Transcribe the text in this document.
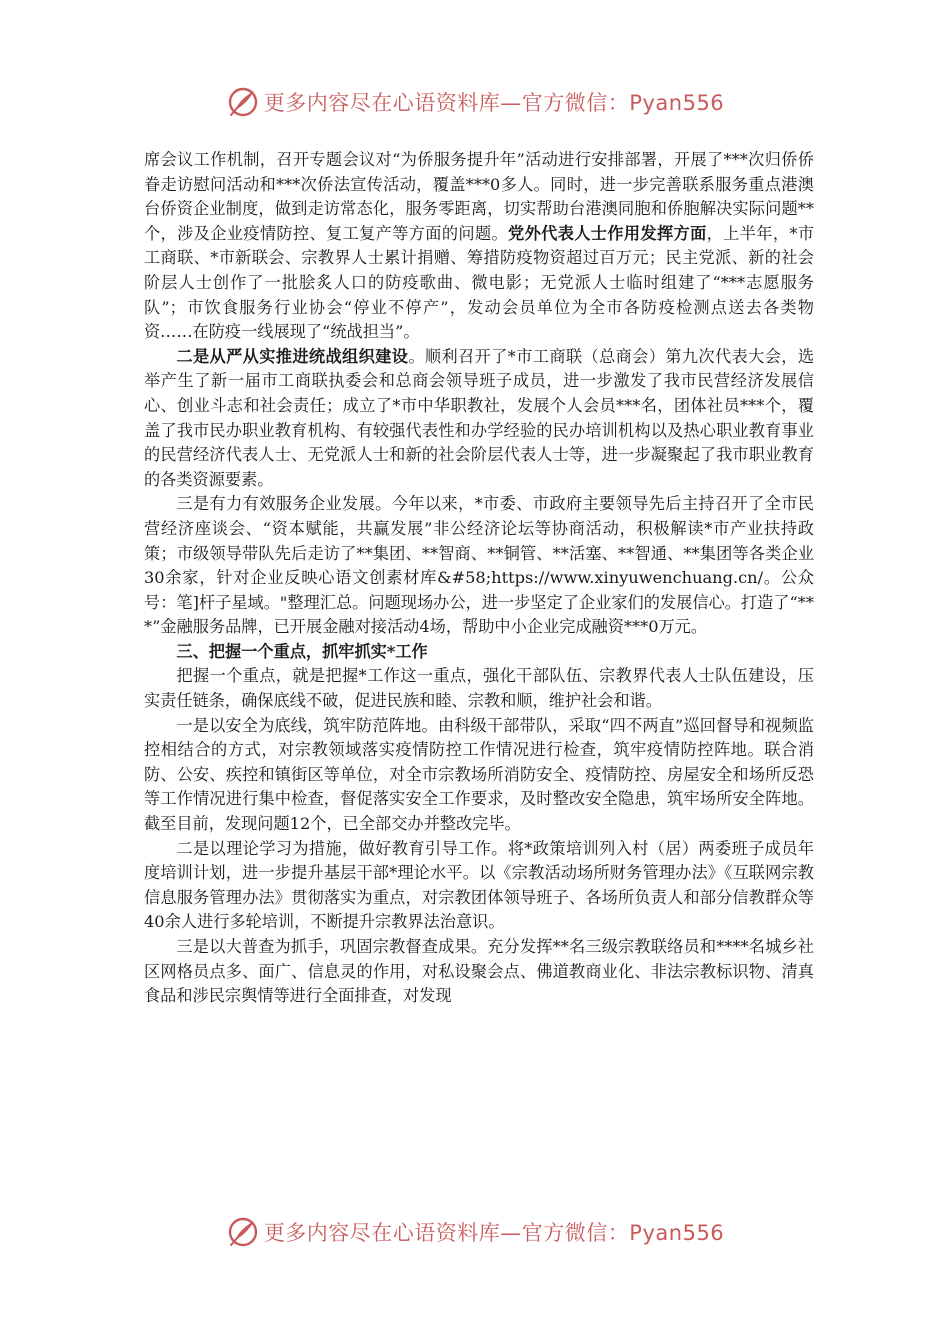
更多内容尽在心语资料库—官方微信：Pyan556

席会议工作机制，召开专题会议对“为侨服务提升年”活动进行安排部署，开展了***次归侨侨眷走访慰问活动和***次侨法宣传活动，覆盖***0多人。同时，进一步完善联系服务重点港澳台侨资企业制度，做到走访常态化，服务零距离，切实帮助台港澳同胞和侨胞解决实际问题**个，涉及企业疫情防控、复工复产等方面的问题。党外代表人士作用发挥方面，上半年，*市工商联、*市新联会、宗教界人士累计捐赠、筹措防疫物资超过百万元；民主党派、新的社会阶层人士创作了一批脍炙人口的防疫歌曲、微电影；无党派人士临时组建了“***志愿服务队”；市饮食服务行业协会“停业不停产”，发动会员单位为全市各防疫检测点送去各类物资……在防疫一线展现了“统战担当”。

二是从严从实推进统战组织建设。顺利召开了*市工商联（总商会）第九次代表大会，选举产生了新一届市工商联执委会和总商会领导班子成员，进一步激发了我市民营经济发展信心、创业斗志和社会责任；成立了*市中华职教社，发展个人会员***名，团体社员***个，覆盖了我市民办职业教育机构、有较强代表性和办学经验的民办培训机构以及热心职业教育事业的民营经济代表人士、无党派人士和新的社会阶层代表人士等，进一步凝聚起了我市职业教育的各类资源要素。

三是有力有效服务企业发展。今年以来，*市委、市政府主要领导先后主持召开了全市民营经济座谈会、“资本赋能，共赢发展”非公经济论坛等协商活动，积极解读*市产业扶持政策；市级领导带队先后走访了**集团、**智商、**铜管、**活塞、**智通、**集团等各类企业30余家，针对企业反映心语文创素材库&#58;https://www.xinyuwenchuang.cn/。公众号：笔]杆子星域。"整理汇总。问题现场办公，进一步坚定了企业家们的发展信心。打造了“***”金融服务品牌，已开展金融对接活动4场，帮助中小企业完成融资***0万元。

三、把握一个重点，抓牢抓实*工作

把握一个重点，就是把握*工作这一重点，强化干部队伍、宗教界代表人士队伍建设，压实责任链条，确保底线不破，促进民族和睦、宗教和顺，维护社会和谐。

一是以安全为底线，筑牢防范阵地。由科级干部带队，采取“四不两直”巡回督导和视频监控相结合的方式，对宗教领域落实疫情防控工作情况进行检查，筑牢疫情防控阵地。联合消防、公安、疾控和镇街区等单位，对全市宗教场所消防安全、疫情防控、房屋安全和场所反恐等工作情况进行集中检查，督促落实安全工作要求，及时整改安全隐患，筑牢场所安全阵地。截至目前，发现问题12个，已全部交办并整改完毕。

二是以理论学习为措施，做好教育引导工作。将*政策培训列入村（居）两委班子成员年度培训计划，进一步提升基层干部*理论水平。以《宗教活动场所财务管理办法》《互联网宗教信息服务管理办法》贯彻落实为重点，对宗教团体领导班子、各场所负责人和部分信教群众等40余人进行多轮培训，不断提升宗教界法治意识。

三是以大普查为抓手，巩固宗教督查成果。充分发挥**名三级宗教联络员和****名城乡社区网格员点多、面广、信息灵的作用，对私设聚会点、佛道教商业化、非法宗教标识物、清真食品和涉民宗舆情等进行全面排查，对发现

更多内容尽在心语资料库—官方微信：Pyan556
